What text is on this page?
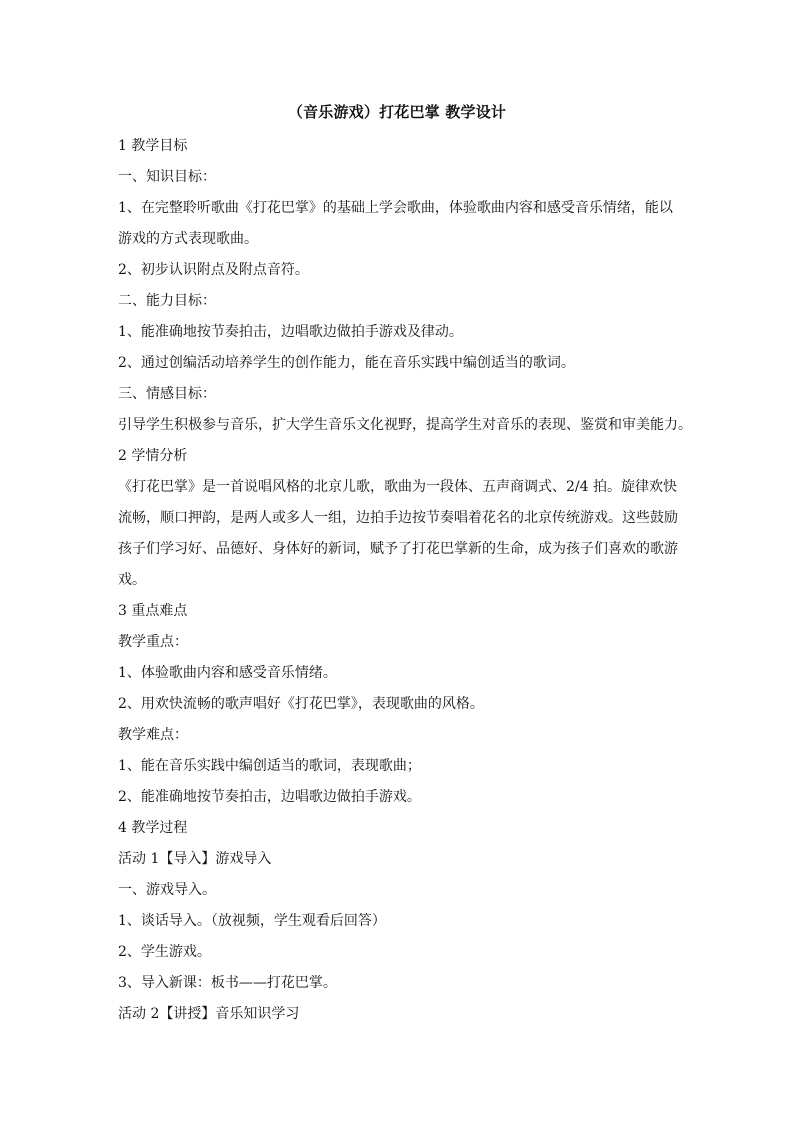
（音乐游戏）打花巴掌 教学设计
1 教学目标
一、知识目标：
1、在完整聆听歌曲《打花巴掌》的基础上学会歌曲，体验歌曲内容和感受音乐情绪，能以
游戏的方式表现歌曲。
2、初步认识附点及附点音符。
二、能力目标：
1、能准确地按节奏拍击，边唱歌边做拍手游戏及律动。
2、通过创编活动培养学生的创作能力，能在音乐实践中编创适当的歌词。
三、情感目标：
引导学生积极参与音乐，扩大学生音乐文化视野，提高学生对音乐的表现、鉴赏和审美能力。
2 学情分析
《打花巴掌》是一首说唱风格的北京儿歌，歌曲为一段体、五声商调式、2/4 拍。旋律欢快
流畅，顺口押韵，是两人或多人一组，边拍手边按节奏唱着花名的北京传统游戏。这些鼓励
孩子们学习好、品德好、身体好的新词，赋予了打花巴掌新的生命，成为孩子们喜欢的歌游
戏。
3 重点难点
教学重点：
1、体验歌曲内容和感受音乐情绪。
2、用欢快流畅的歌声唱好《打花巴掌》，表现歌曲的风格。
教学难点：
1、能在音乐实践中编创适当的歌词，表现歌曲；
2、能准确地按节奏拍击，边唱歌边做拍手游戏。
4 教学过程
活动 1【导入】游戏导入
一、游戏导入。
1、谈话导入。（放视频，学生观看后回答）
2、学生游戏。
3、导入新课：板书——打花巴掌。
活动 2【讲授】音乐知识学习
